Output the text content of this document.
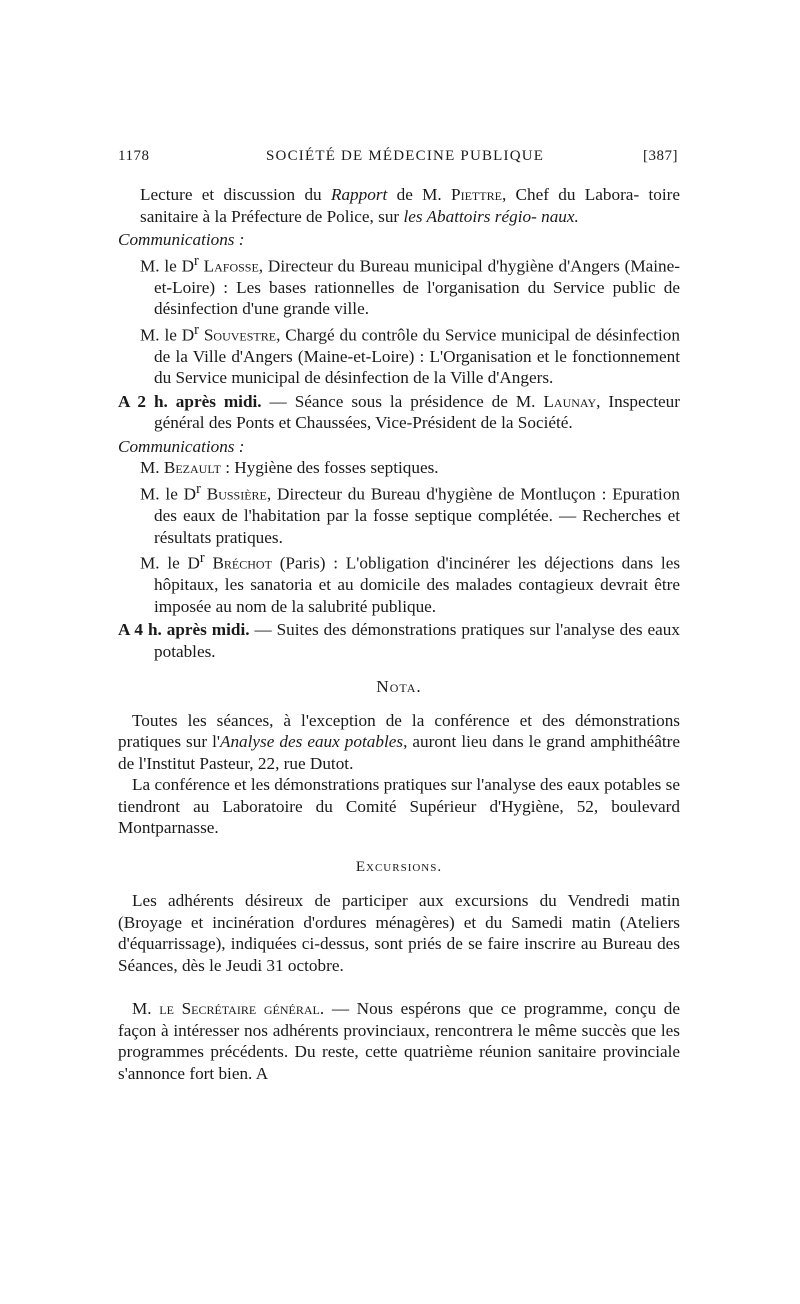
1178	SOCIÉTÉ DE MÉDECINE PUBLIQUE	[387]

Lecture et discussion du Rapport de M. Piettre, Chef du Labora- toire sanitaire à la Préfecture de Police, sur les Abattoirs régio- naux.

Communications :

M. le $D^r$ Lafosse, Directeur du Bureau municipal d'hygiène d'Angers (Maine-et-Loire) : Les bases rationnelles de l'organisation du Service public de désinfection d'une grande ville.

M. le $D^r$ Souvestre, Chargé du contrôle du Service municipal de désinfection de la Ville d'Angers (Maine-et-Loire) : L'Organisation et le fonctionnement du Service municipal de désinfection de la Ville d'Angers.

A 2 h. après midi. — Séance sous la présidence de M. Launay, Inspecteur général des Ponts et Chaussées, Vice-Président de la Société.

Communications :

M. Bezault : Hygiène des fosses septiques.

M. le $D^r$ Bussière, Directeur du Bureau d'hygiène de Montluçon : Epuration des eaux de l'habitation par la fosse septique complétée. — Recherches et résultats pratiques.

M. le $D^r$ Bréchot (Paris) : L'obligation d'incinérer les déjections dans les hôpitaux, les sanatoria et au domicile des malades contagieux devrait être imposée au nom de la salubrité publique.

A 4 h. après midi. — Suites des démonstrations pratiques sur l'analyse des eaux potables.

Nota.

Toutes les séances, à l'exception de la conférence et des démonstrations pratiques sur l'Analyse des eaux potables, auront lieu dans le grand amphithéâtre de l'Institut Pasteur, 22, rue Dutot.

La conférence et les démonstrations pratiques sur l'analyse des eaux potables se tiendront au Laboratoire du Comité Supérieur d'Hygiène, 52, boulevard Montparnasse.

Excursions.

Les adhérents désireux de participer aux excursions du Vendredi matin (Broyage et incinération d'ordures ménagères) et du Samedi matin (Ateliers d'équarrissage), indiquées ci-dessus, sont priés de se faire inscrire au Bureau des Séances, dès le Jeudi 31 octobre.

M. le Secrétaire général. — Nous espérons que ce programme, conçu de façon à intéresser nos adhérents provinciaux, rencontrera le même succès que les programmes précédents. Du reste, cette quatrième réunion sanitaire provinciale s'annonce fort bien. A
